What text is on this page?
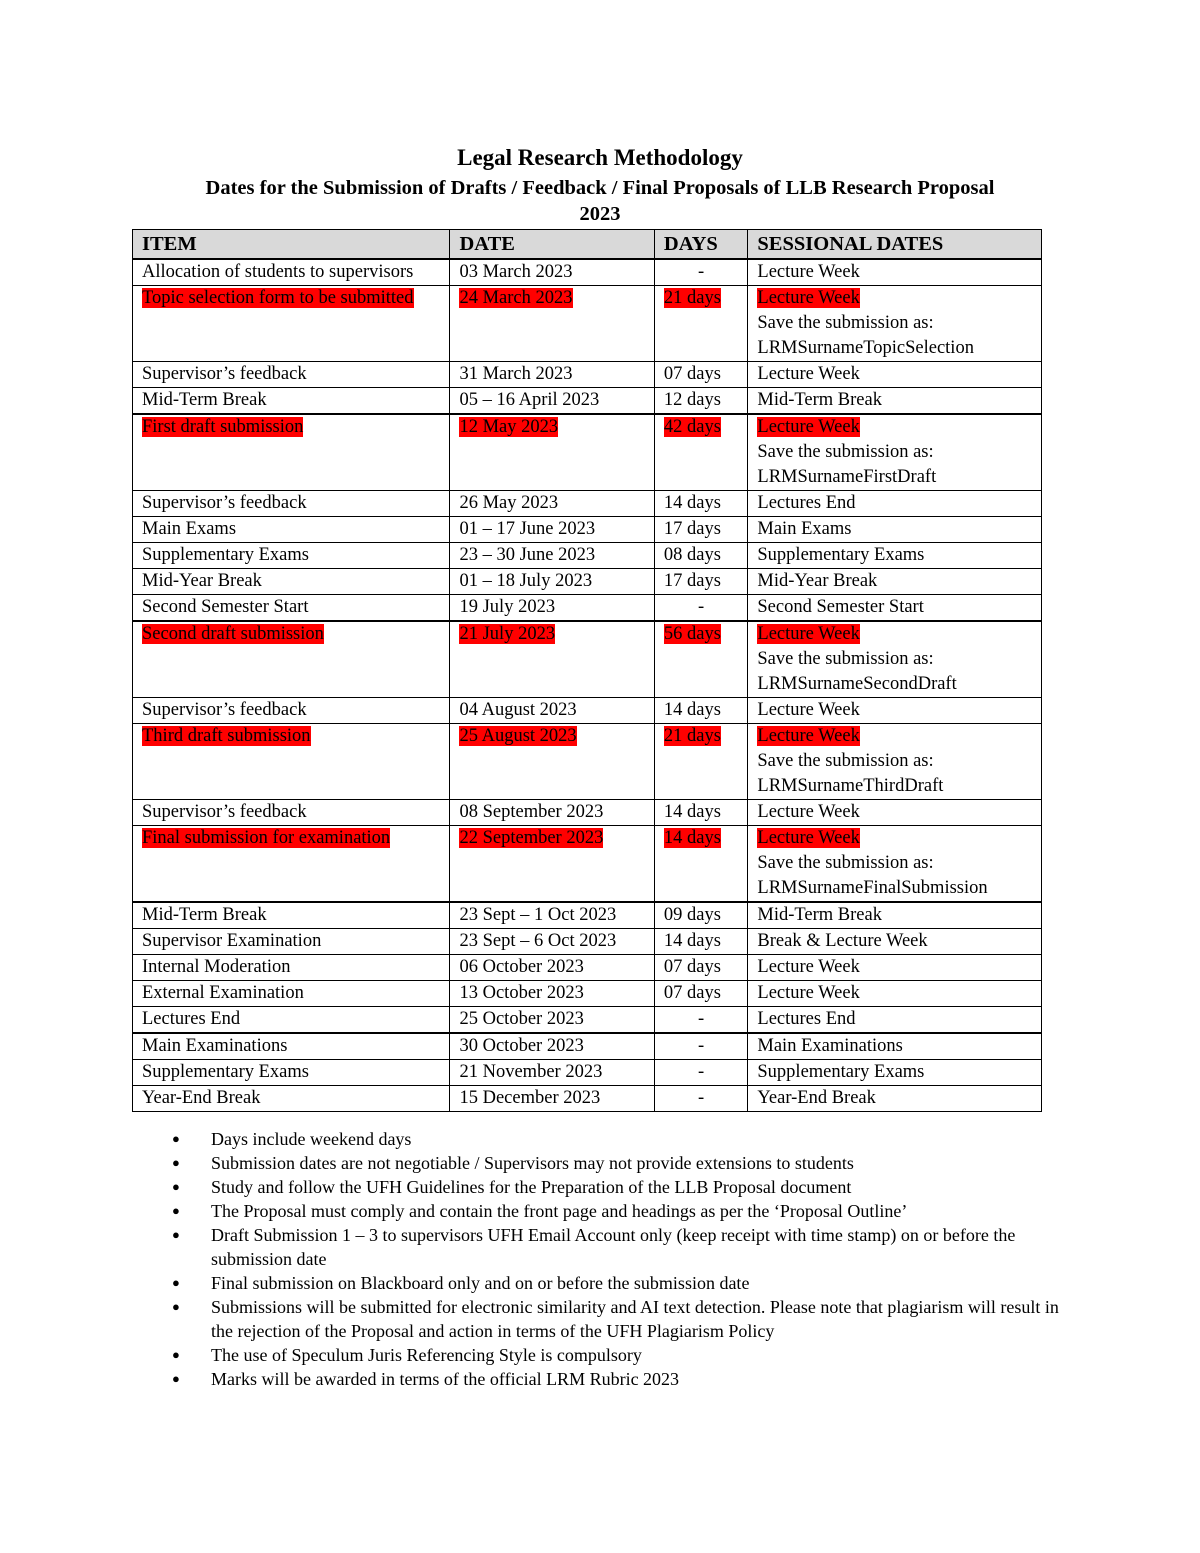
Legal Research Methodology
Dates for the Submission of Drafts / Feedback / Final Proposals of LLB Research Proposal
2023
ITEM	DATE	DAYS	SESSIONAL DATES
Allocation of students to supervisors	03 March 2023	-	Lecture Week
Topic selection form to be submitted	24 March 2023	21 days	Lecture Week
Save the submission as:
LRMSurnameTopicSelection

Supervisor’s feedback	31 March 2023	07 days	Lecture Week
Mid-Term Break	05 – 16 April 2023	12 days	Mid-Term Break
First draft submission	12 May 2023	42 days	Lecture Week
Save the submission as:
LRMSurnameFirstDraft

Supervisor’s feedback	26 May 2023	14 days	Lectures End
Main Exams	01 – 17 June 2023	17 days	Main Exams
Supplementary Exams	23 – 30 June 2023	08 days	Supplementary Exams
Mid-Year Break	01 – 18 July 2023	17 days	Mid-Year Break
Second Semester Start	19 July 2023	-	Second Semester Start
Second draft submission	21 July 2023	56 days	Lecture Week
Save the submission as:
LRMSurnameSecondDraft

Supervisor’s feedback	04 August 2023	14 days	Lecture Week
Third draft submission	25 August 2023	21 days	Lecture Week
Save the submission as:
LRMSurnameThirdDraft

Supervisor’s feedback	08 September 2023	14 days	Lecture Week
Final submission for examination	22 September 2023	14 days	Lecture Week
Save the submission as:
LRMSurnameFinalSubmission

Mid-Term Break	23 Sept – 1 Oct 2023	09 days	Mid-Term Break
Supervisor Examination	23 Sept – 6 Oct 2023	14 days	Break & Lecture Week
Internal Moderation	06 October 2023	07 days	Lecture Week
External Examination	13 October 2023	07 days	Lecture Week
Lectures End	25 October 2023	-	Lectures End
Main Examinations	30 October 2023	-	Main Examinations
Supplementary Exams	21 November 2023	-	Supplementary Exams
Year-End Break	15 December 2023	-	Year-End Break
● Days include weekend days
● Submission dates are not negotiable / Supervisors may not provide extensions to students
● Study and follow the UFH Guidelines for the Preparation of the LLB Proposal document
● The Proposal must comply and contain the front page and headings as per the ‘Proposal Outline’
● Draft Submission 1 – 3 to supervisors UFH Email Account only (keep receipt with time stamp) on or before the submission date
● Final submission on Blackboard only and on or before the submission date
● Submissions will be submitted for electronic similarity and AI text detection. Please note that plagiarism will result in the rejection of the Proposal and action in terms of the UFH Plagiarism Policy
● The use of Speculum Juris Referencing Style is compulsory
● Marks will be awarded in terms of the official LRM Rubric 2023
